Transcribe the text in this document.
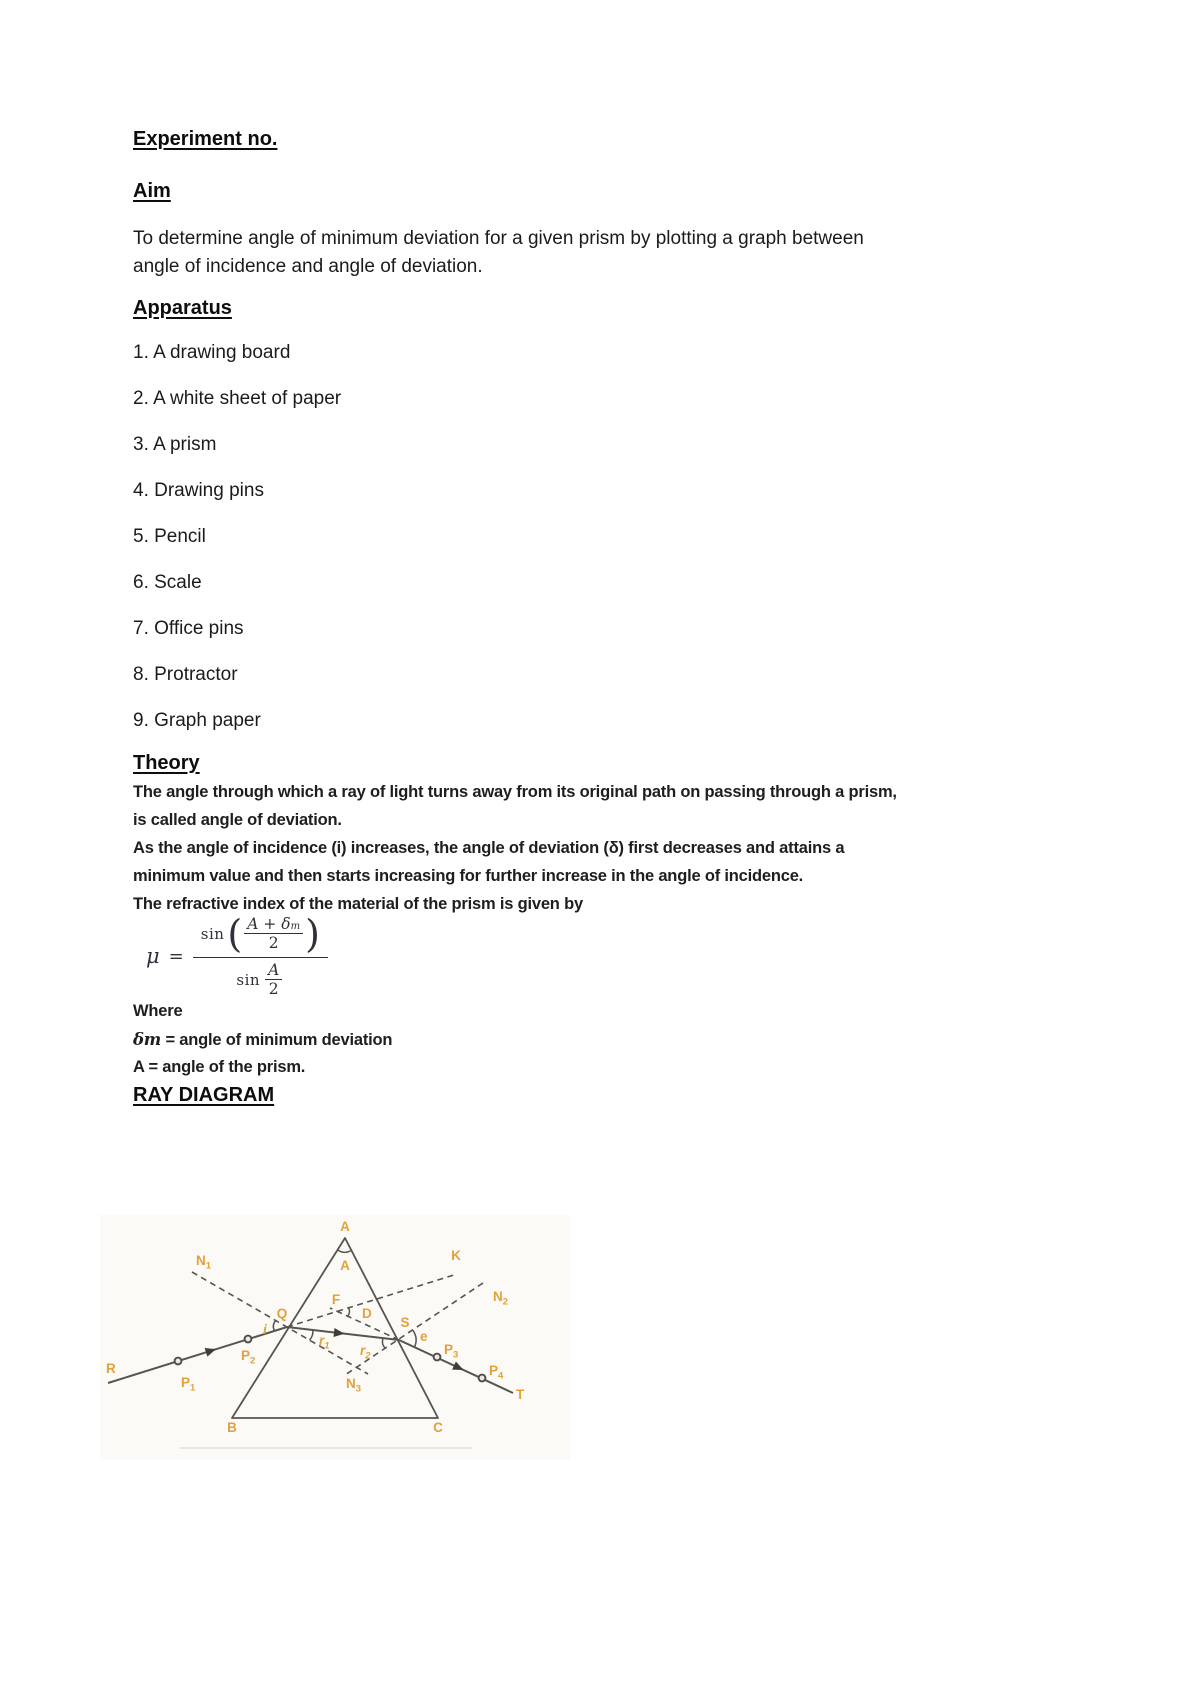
Experiment no.
Aim
To determine angle of minimum deviation for a given prism by plotting a graph between
angle of incidence and angle of deviation.
Apparatus
1. A drawing board
2. A white sheet of paper
3. A prism
4. Drawing pins
5. Pencil
6. Scale
7. Office pins
8. Protractor
9. Graph paper
Theory
The angle through which a ray of light turns away from its original path on passing through a prism,
is called angle of deviation.
As the angle of incidence (i) increases, the angle of deviation (δ) first decreases and attains a
minimum value and then starts increasing for further increase in the angle of incidence.
The refractive index of the material of the prism is given by
μ =
sin ( $\frac{A + \delta m}{2}$ )
sin
A
2
Where
δm = angle of minimum deviation
A = angle of the prism.
RAY DIAGRAM
A
A
B	C
Q
S
F
D
K
T
R
i	e
$N_1$
$N_2$
$N_3$
$P_1$
$P_2$
$P_3$
$P_4$
$r_1$ $r_2$
